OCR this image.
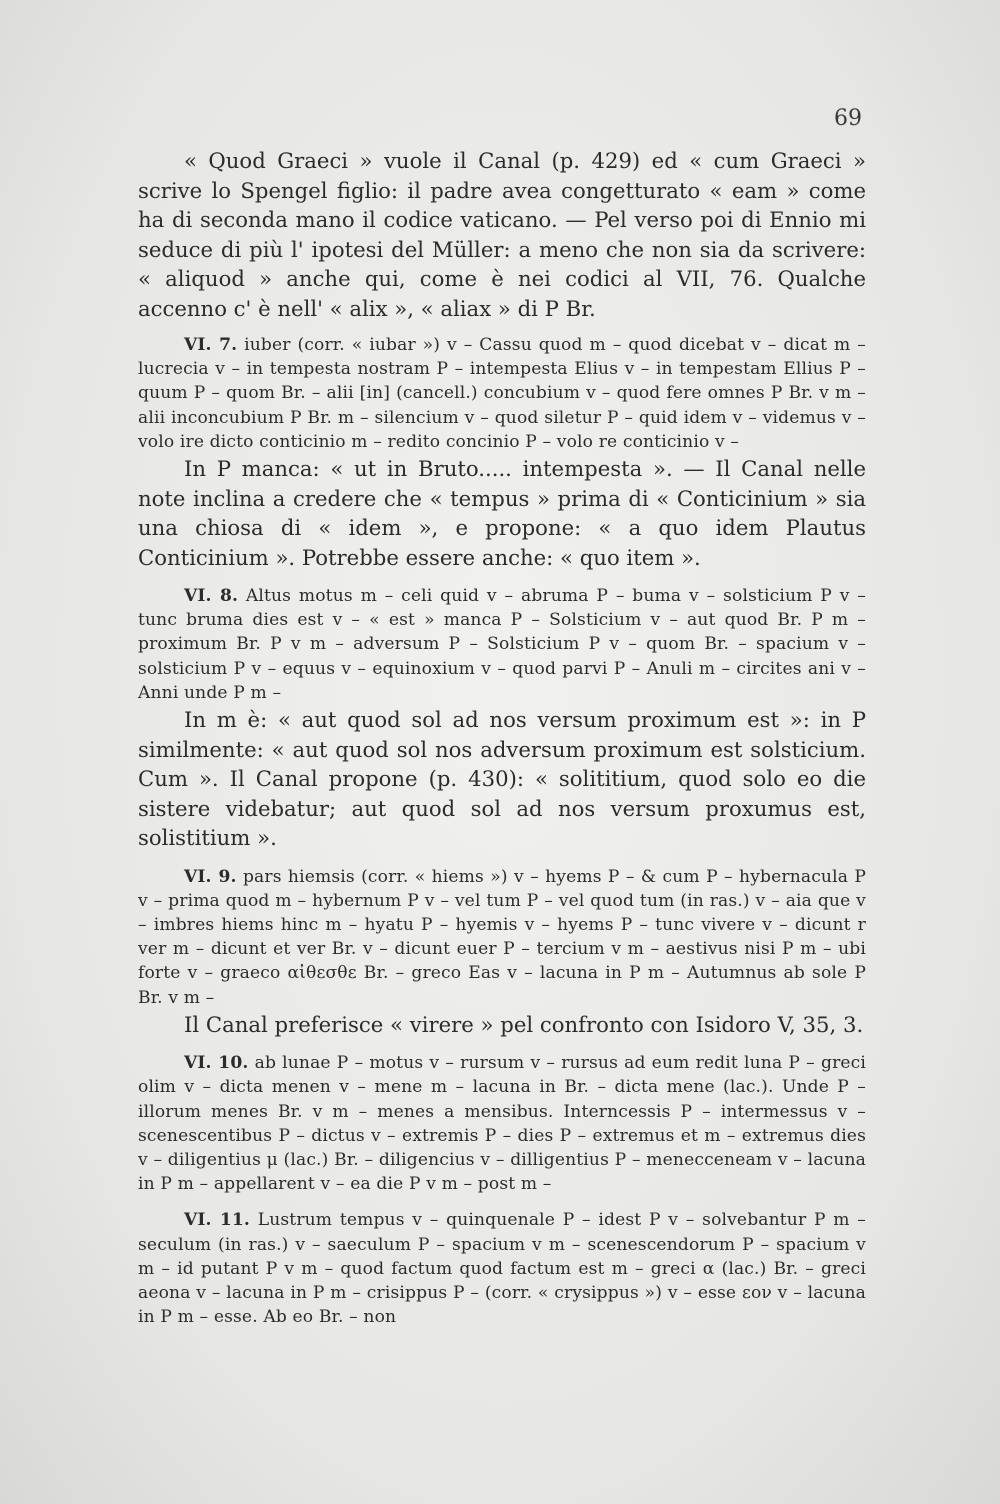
69

« Quod Graeci » vuole il Canal (p. 429) ed « cum Graeci » scrive lo Spengel figlio: il padre avea congetturato « eam » come ha di seconda mano il codice vaticano. — Pel verso poi di Ennio mi seduce di più l' ipotesi del Müller: a meno che non sia da scrivere: « aliquod » anche qui, come è nei codici al VII, 76. Qualche accenno c' è nell' « alix », « aliax » di P Br.

VI. 7. iuber (corr. « iubar ») v – Cassu quod m – quod dicebat v – dicat m – lucrecia v – in tempesta nostram P – intempesta Elius v – in tempestam Ellius P – quum P – quom Br. – alii [in] (cancell.) concubium v – quod fere omnes P Br. v m – alii inconcubium P Br. m – silencium v – quod siletur P – quid idem v – videmus v – volo ire dicto conticinio m – redito concinio P – volo re conticinio v –

In P manca: « ut in Bruto..... intempesta ». — Il Canal nelle note inclina a credere che « tempus » prima di « Conticinium » sia una chiosa di « idem », e propone: « a quo idem Plautus Conticinium ». Potrebbe essere anche: « quo item ».

VI. 8. Altus motus m – celi quid v – abruma P – buma v – solsticium P v – tunc bruma dies est v – « est » manca P – Solsticium v – aut quod Br. P m – proximum Br. P v m – adversum P – Solsticium P v – quom Br. – spacium v – solsticium P v – equus v – equinoxium v – quod parvi P – Anuli m – circites ani v – Anni unde P m –

In m è: « aut quod sol ad nos versum proximum est »: in P similmente: « aut quod sol nos adversum proximum est solsticium. Cum ». Il Canal propone (p. 430): « solititium, quod solo eo die sistere videbatur; aut quod sol ad nos versum proxumus est, solistitium ».

VI. 9. pars hiemsis (corr. « hiems ») v – hyems P – & cum P – hybernacula P v – prima quod m – hybernum P v – vel tum P – vel quod tum (in ras.) v – aia que v – imbres hiems hinc m – hyatu P – hyemis v – hyems P – tunc vivere v – dicunt r ver m – dicunt et ver Br. v – dicunt euer P – tercium v m – aestivus nisi P m – ubi forte v – graeco αἰθεσθε Br. – greco Eas v – lacuna in P m – Autumnus ab sole P Br. v m –

Il Canal preferisce « virere » pel confronto con Isidoro V, 35, 3.

VI. 10. ab lunae P – motus v – rursum v – rursus ad eum redit luna P – greci olim v – dicta menen v – mene m – lacuna in Br. – dicta mene (lac.). Unde P – illorum menes Br. v m – menes a mensibus. Interncessis P – intermessus v – scenescentibus P – dictus v – extremis P – dies P – extremus et m – extremus dies v – diligentius μ (lac.) Br. – diligencius v – dilligentius P – menecceneam v – lacuna in P m – appellarent v – ea die P v m – post m –

VI. 11. Lustrum tempus v – quinquenale P – idest P v – solvebantur P m – seculum (in ras.) v – saeculum P – spacium v m – scenescendorum P – spacium v m – id putant P v m – quod factum quod factum est m – greci α (lac.) Br. – greci aeona v – lacuna in P m – crisippus P – (corr. « crysippus ») v – esse εον v – lacuna in P m – esse. Ab eo Br. – non
